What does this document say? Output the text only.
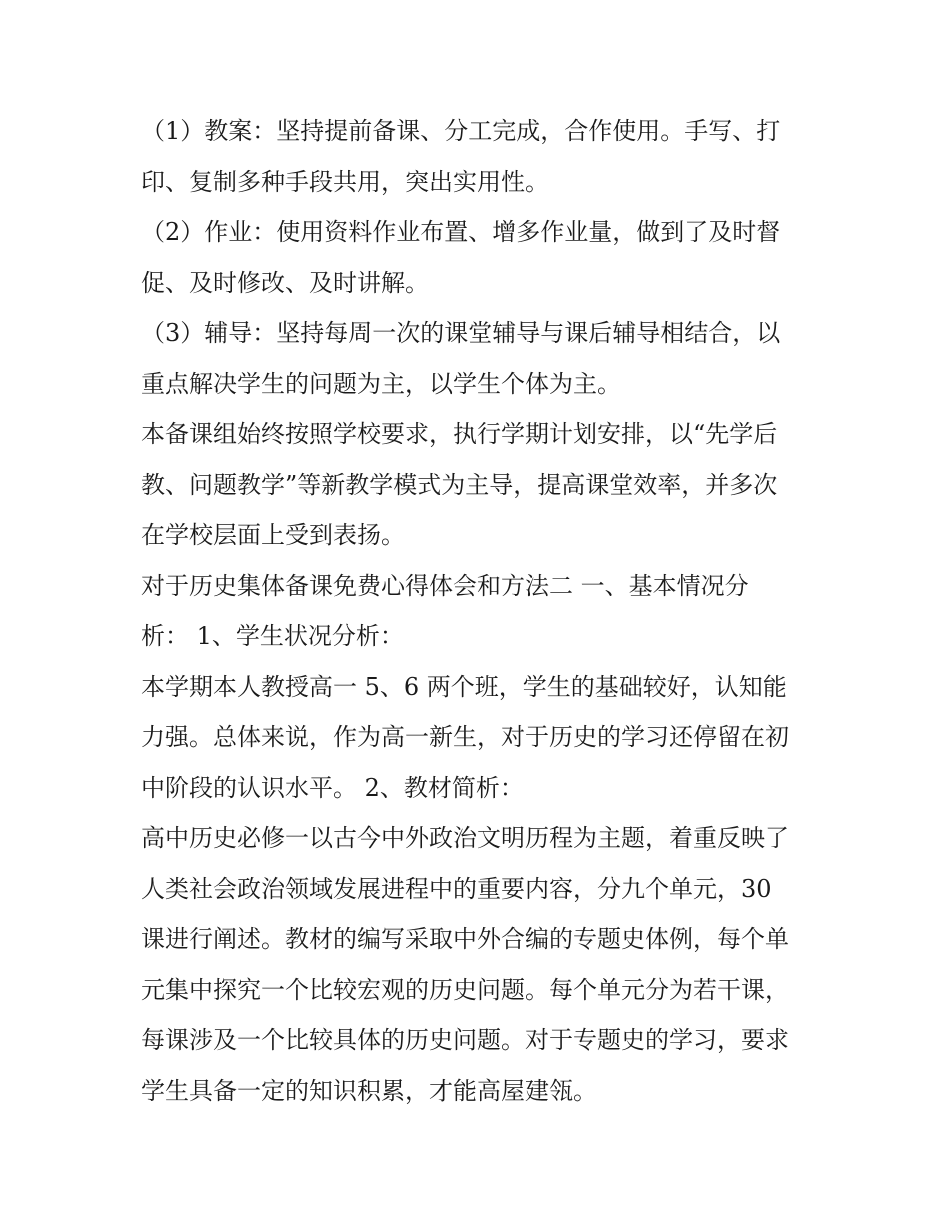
（1）教案：坚持提前备课、分工完成，合作使用。手写、打
印、复制多种手段共用，突出实用性。
（2）作业：使用资料作业布置、增多作业量，做到了及时督
促、及时修改、及时讲解。
（3）辅导：坚持每周一次的课堂辅导与课后辅导相结合，以
重点解决学生的问题为主，以学生个体为主。
本备课组始终按照学校要求，执行学期计划安排，以“先学后
教、问题教学”等新教学模式为主导，提高课堂效率，并多次
在学校层面上受到表扬。
对于历史集体备课免费心得体会和方法二 一、基本情况分
析： 1、学生状况分析：
本学期本人教授高一 5、6 两个班，学生的基础较好，认知能
力强。总体来说，作为高一新生，对于历史的学习还停留在初
中阶段的认识水平。 2、教材简析：
高中历史必修一以古今中外政治文明历程为主题，着重反映了
人类社会政治领域发展进程中的重要内容，分九个单元，30
课进行阐述。教材的编写采取中外合编的专题史体例，每个单
元集中探究一个比较宏观的历史问题。每个单元分为若干课，
每课涉及一个比较具体的历史问题。对于专题史的学习，要求
学生具备一定的知识积累，才能高屋建瓴。
